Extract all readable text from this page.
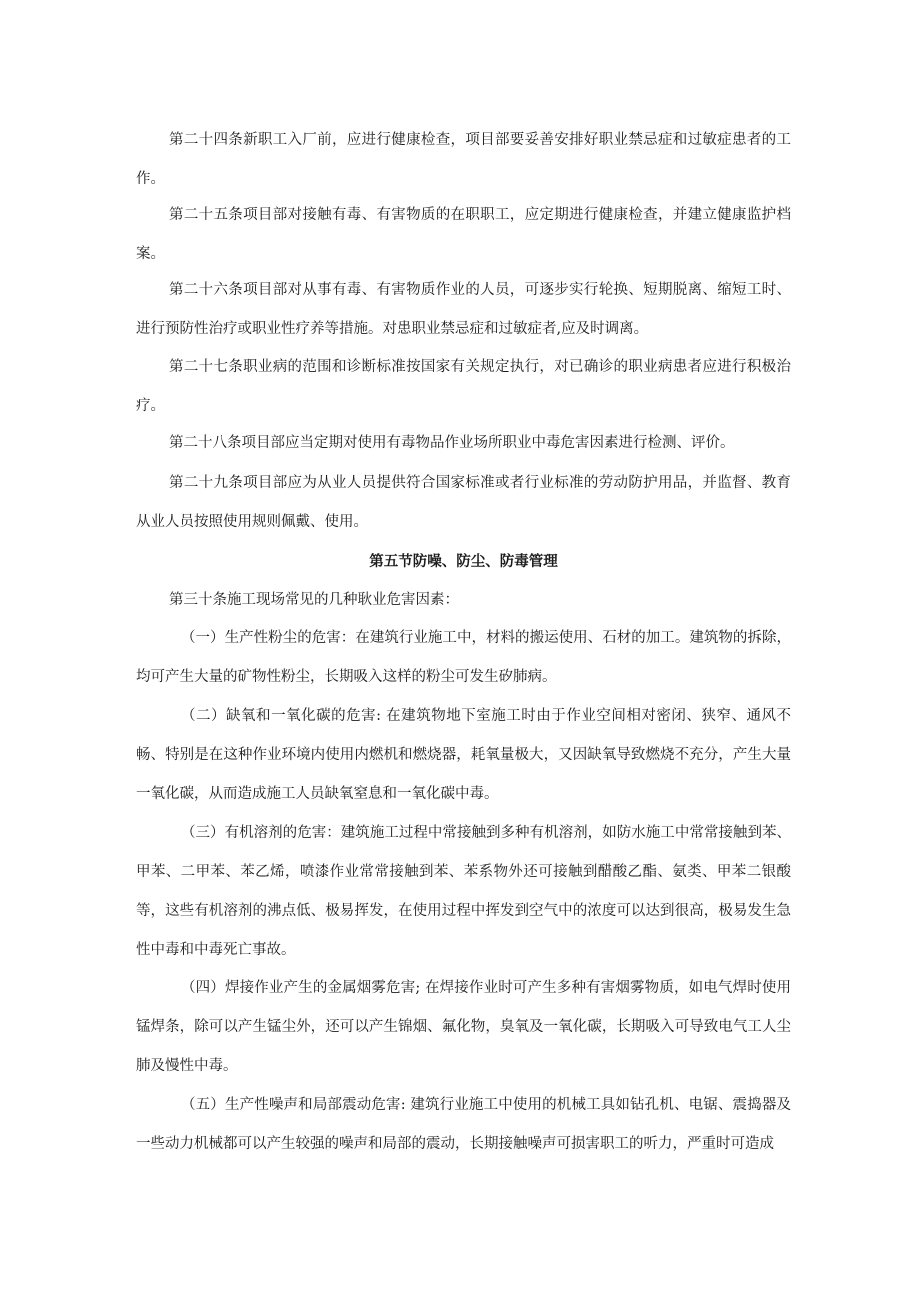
第二十四条新职工入厂前，应进行健康检查，项目部要妥善安排好职业禁忌症和过敏症患者的工作。

第二十五条项目部对接触有毒、有害物质的在职职工，应定期进行健康检查，并建立健康监护档案。

第二十六条项目部对从事有毒、有害物质作业的人员，可逐步实行轮换、短期脱离、缩短工时、进行预防性治疗或职业性疗养等措施。对患职业禁忌症和过敏症者,应及时调离。

第二十七条职业病的范围和诊断标准按国家有关规定执行，对已确诊的职业病患者应进行积极治疗。

第二十八条项目部应当定期对使用有毒物品作业场所职业中毒危害因素进行检测、评价。

第二十九条项目部应为从业人员提供符合国家标准或者行业标准的劳动防护用品，并监督、教育从业人员按照使用规则佩戴、使用。

第五节防噪、防尘、防毒管理

第三十条施工现场常见的几种耿业危害因素：

（一）生产性粉尘的危害：在建筑行业施工中，材料的搬运使用、石材的加工。建筑物的拆除，均可产生大量的矿物性粉尘，长期吸入这样的粉尘可发生矽肺病。

（二）缺氧和一氧化碳的危害: 在建筑物地下室施工时由于作业空间相对密闭、狭窄、通风不畅、特别是在这种作业环境内使用内燃机和燃烧器，耗氧量极大，又因缺氧导致燃烧不充分，产生大量一氧化碳，从而造成施工人员缺氧窒息和一氧化碳中毒。

（三）有机溶剂的危害：建筑施工过程中常接触到多种有机溶剂，如防水施工中常常接触到苯、甲苯、二甲苯、苯乙烯，喷漆作业常常接触到苯、苯系物外还可接触到醋酸乙酯、氨类、甲苯二银酸等，这些有机溶剂的沸点低、极易挥发，在使用过程中挥发到空气中的浓度可以达到很高，极易发生急性中毒和中毒死亡事故。

（四）焊接作业产生的金属烟雾危害; 在焊接作业时可产生多种有害烟雾物质，如电气焊时使用锰焊条，除可以产生锰尘外，还可以产生锦烟、氟化物，臭氧及一氧化碳，长期吸入可导致电气工人尘肺及慢性中毒。

（五）生产性噪声和局部震动危害: 建筑行业施工中使用的机械工具如钻孔机、电锯、震捣器及一些动力机械都可以产生较强的噪声和局部的震动，长期接触噪声可损害职工的听力，严重时可造成
